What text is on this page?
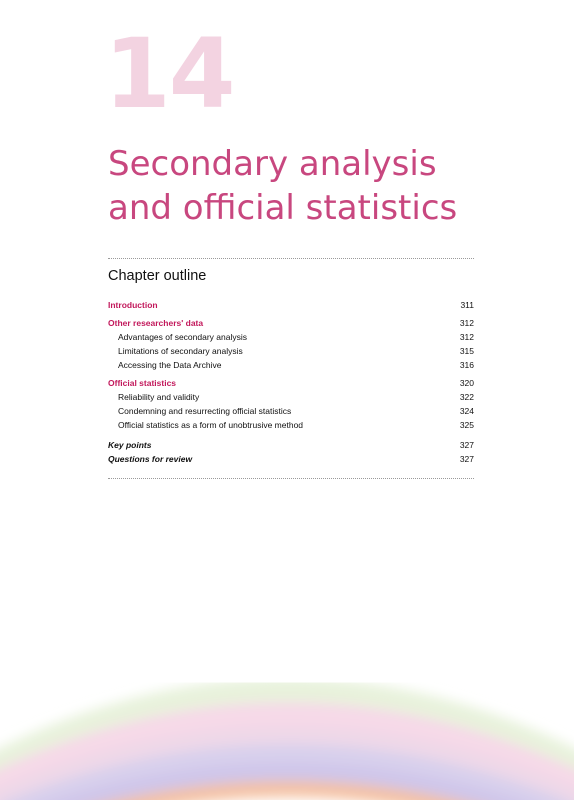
14
Secondary analysis
and official statistics
Chapter outline
Introduction	311
Other researchers' data	312
Advantages of secondary analysis	312
Limitations of secondary analysis	315
Accessing the Data Archive	316
Official statistics	320
Reliability and validity	322
Condemning and resurrecting official statistics	324
Official statistics as a form of unobtrusive method	325
Key points	327
Questions for review	327
